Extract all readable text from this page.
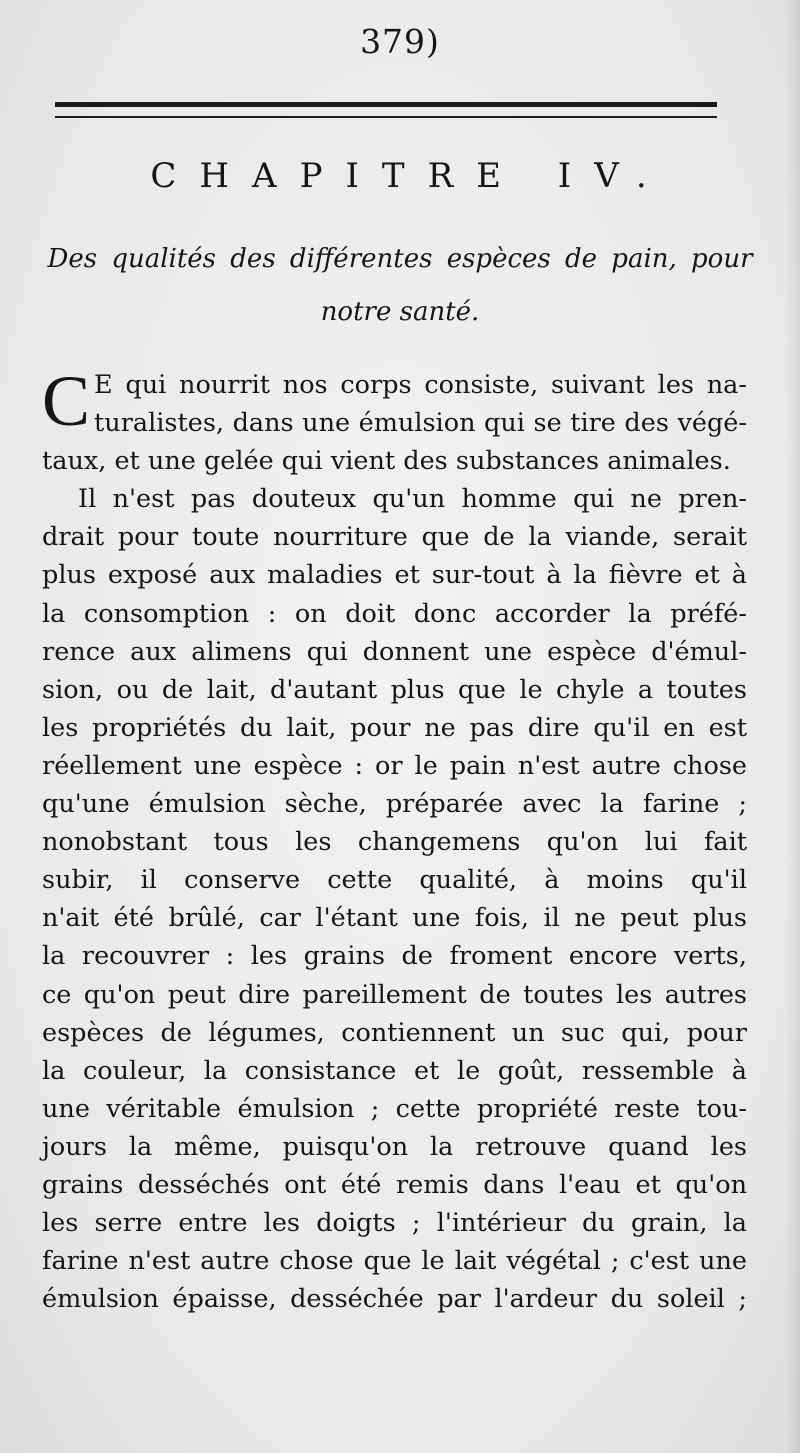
379)
CHAPITRE IV.
Des qualités des différentes espèces de pain, pour
notre santé.
C E qui nourrit nos corps consiste, suivant les na-
turalistes, dans une émulsion qui se tire des végé-
taux, et une gelée qui vient des substances animales.
Il n'est pas douteux qu'un homme qui ne pren-
drait pour toute nourriture que de la viande, serait
plus exposé aux maladies et sur-tout à la fièvre et à
la consomption : on doit donc accorder la préfé-
rence aux alimens qui donnent une espèce d'émul-
sion, ou de lait, d'autant plus que le chyle a toutes
les propriétés du lait, pour ne pas dire qu'il en est
réellement une espèce : or le pain n'est autre chose
qu'une émulsion sèche, préparée avec la farine ;
nonobstant tous les changemens qu'on lui fait
subir, il conserve cette qualité, à moins qu'il
n'ait été brûlé, car l'étant une fois, il ne peut plus
la recouvrer : les grains de froment encore verts,
ce qu'on peut dire pareillement de toutes les autres
espèces de légumes, contiennent un suc qui, pour
la couleur, la consistance et le goût, ressemble à
une véritable émulsion ; cette propriété reste tou-
jours la même, puisqu'on la retrouve quand les
grains desséchés ont été remis dans l'eau et qu'on
les serre entre les doigts ; l'intérieur du grain, la
farine n'est autre chose que le lait végétal ; c'est une
émulsion épaisse, desséchée par l'ardeur du soleil ;
